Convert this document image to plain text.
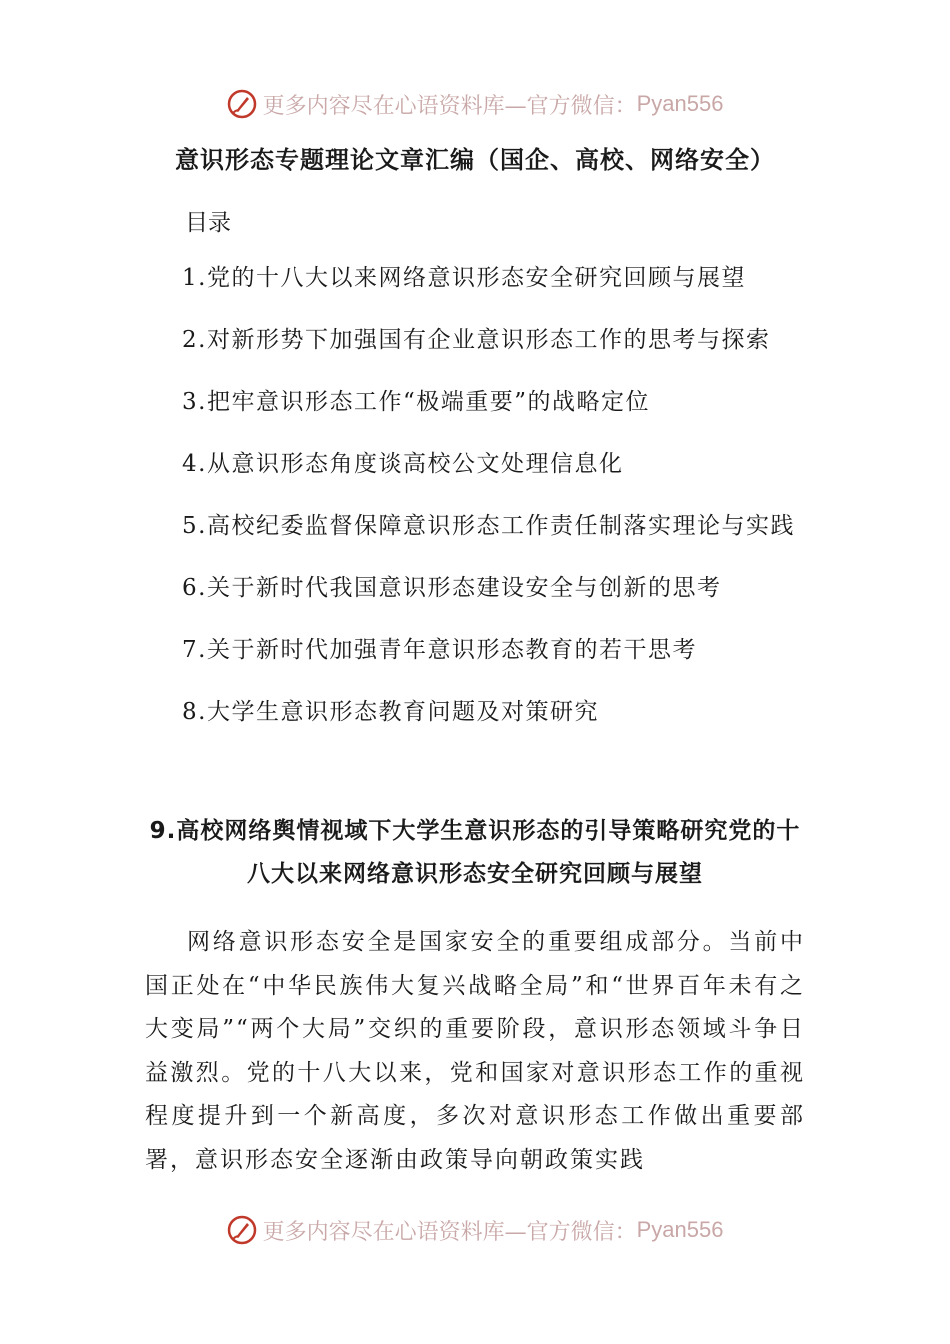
更多内容尽在心语资料库—官方微信： Pyan556
意识形态专题理论文章汇编（国企、高校、网络安全）

目录

1.党的十八大以来网络意识形态安全研究回顾与展望
2.对新形势下加强国有企业意识形态工作的思考与探索
3.把牢意识形态工作“极端重要”的战略定位
4.从意识形态角度谈高校公文处理信息化
5.高校纪委监督保障意识形态工作责任制落实理论与实践
6.关于新时代我国意识形态建设安全与创新的思考
7.关于新时代加强青年意识形态教育的若干思考
8.大学生意识形态教育问题及对策研究
9.高校网络舆情视域下大学生意识形态的引导策略研究党的十八大以来网络意识形态安全研究回顾与展望

网络意识形态安全是国家安全的重要组成部分。当前中国正处在“中华民族伟大复兴战略全局”和“世界百年未有之大变局”“两个大局”交织的重要阶段，意识形态领域斗争日益激烈。党的十八大以来，党和国家对意识形态工作的重视程度提升到一个新高度，多次对意识形态工作做出重要部署，意识形态安全逐渐由政策导向朝政策实践

更多内容尽在心语资料库—官方微信： Pyan556
